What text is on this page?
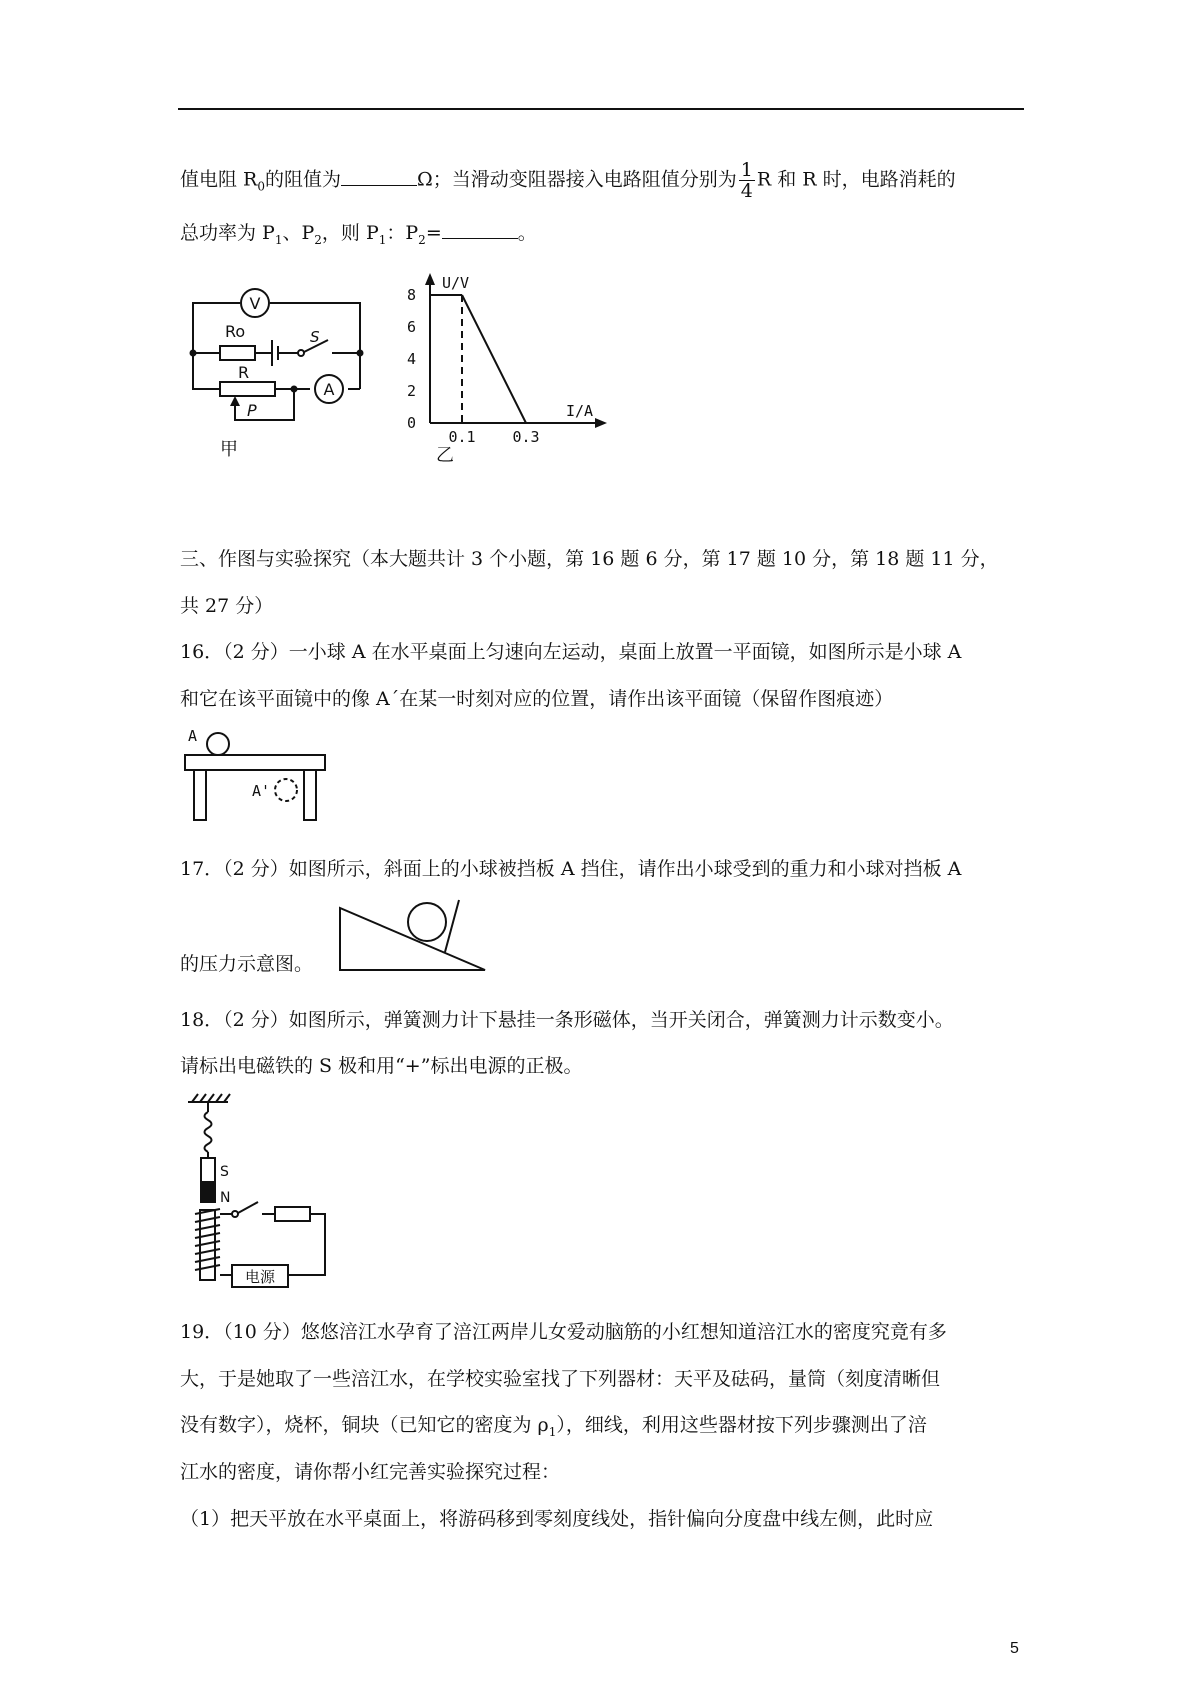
值电阻 $R_0$的阻值为	Ω；当滑动变阻器接入电路阻值分别为 $\frac{1}{4}$ R 和 R 时，电路消耗的
总功率为 $P_1$、$P_2$，则 $P_1$：$P_2=$	。
V
A
Ro
R
S
P
甲
U/V
I/A
0
2
4
6
8
0.1 0.3
乙
三、作图与实验探究（本大题共计 3 个小题，第 16 题 6 分，第 17 题 10 分，第 18 题 11 分，
共 27 分）
16．（2 分）一小球 A 在水平桌面上匀速向左运动，桌面上放置一平面镜，如图所示是小球 A
和它在该平面镜中的像 A´在某一时刻对应的位置，请作出该平面镜（保留作图痕迹）
A
A'
17．（2 分）如图所示，斜面上的小球被挡板 A 挡住，请作出小球受到的重力和小球对挡板 A
的压力示意图。
18．（2 分）如图所示，弹簧测力计下悬挂一条形磁体，当开关闭合，弹簧测力计示数变小。
请标出电磁铁的 S 极和用“+”标出电源的正极。
S
N
电源
19．（10 分）悠悠涪江水孕育了涪江两岸儿女爱动脑筋的小红想知道涪江水的密度究竟有多
大，于是她取了一些涪江水，在学校实验室找了下列器材：天平及砝码，量筒（刻度清晰但
没有数字），烧杯，铜块（已知它的密度为 $\rho_1$），细线，利用这些器材按下列步骤测出了涪
江水的密度，请你帮小红完善实验探究过程：
（1）把天平放在水平桌面上，将游码移到零刻度线处，指针偏向分度盘中线左侧，此时应
5
